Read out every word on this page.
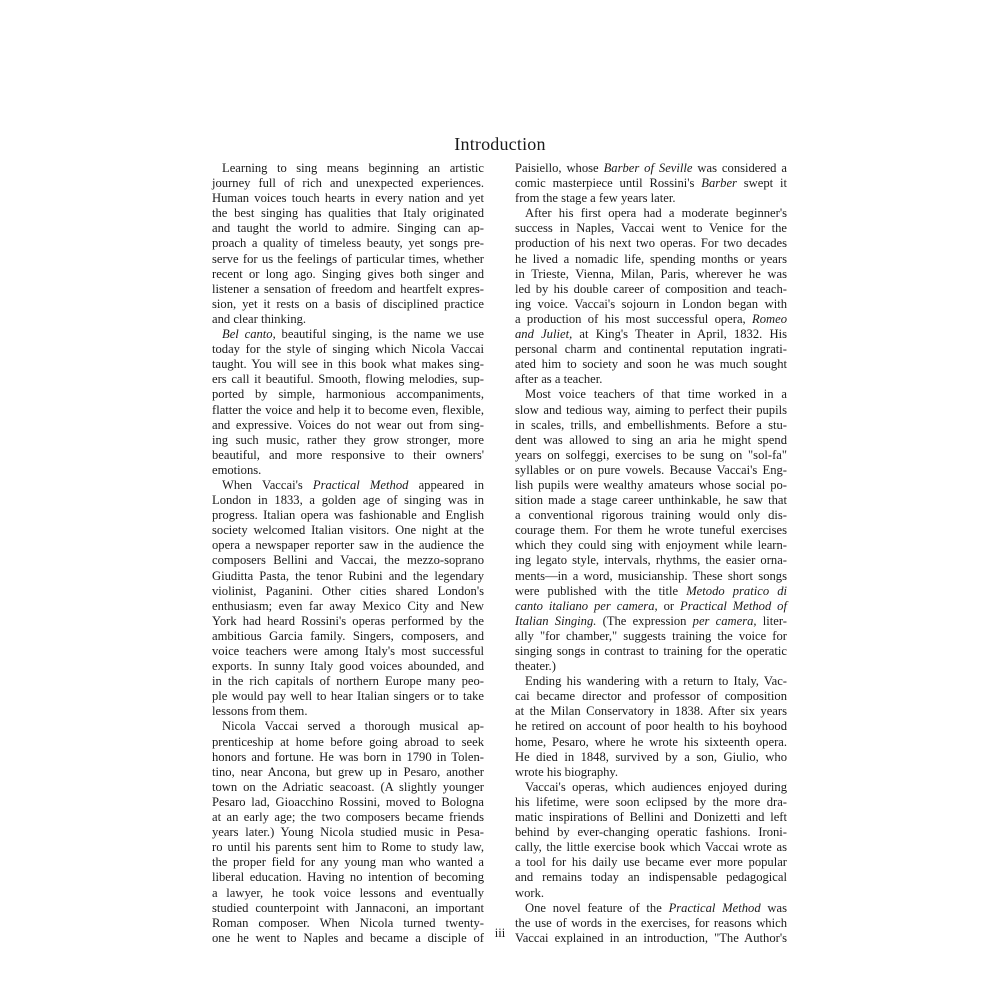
Introduction
Learning to sing means beginning an artistic
journey full of rich and unexpected experiences.
Human voices touch hearts in every nation and yet
the best singing has qualities that Italy originated
and taught the world to admire. Singing can ap-
proach a quality of timeless beauty, yet songs pre-
serve for us the feelings of particular times, whether
recent or long ago. Singing gives both singer and
listener a sensation of freedom and heartfelt expres-
sion, yet it rests on a basis of disciplined practice
and clear thinking.
Bel canto, beautiful singing, is the name we use
today for the style of singing which Nicola Vaccai
taught. You will see in this book what makes sing-
ers call it beautiful. Smooth, flowing melodies, sup-
ported by simple, harmonious accompaniments,
flatter the voice and help it to become even, flexible,
and expressive. Voices do not wear out from sing-
ing such music, rather they grow stronger, more
beautiful, and more responsive to their owners'
emotions.
When Vaccai's Practical Method appeared in
London in 1833, a golden age of singing was in
progress. Italian opera was fashionable and English
society welcomed Italian visitors. One night at the
opera a newspaper reporter saw in the audience the
composers Bellini and Vaccai, the mezzo-soprano
Giuditta Pasta, the tenor Rubini and the legendary
violinist, Paganini. Other cities shared London's
enthusiasm; even far away Mexico City and New
York had heard Rossini's operas performed by the
ambitious Garcia family. Singers, composers, and
voice teachers were among Italy's most successful
exports. In sunny Italy good voices abounded, and
in the rich capitals of northern Europe many peo-
ple would pay well to hear Italian singers or to take
lessons from them.
Nicola Vaccai served a thorough musical ap-
prenticeship at home before going abroad to seek
honors and fortune. He was born in 1790 in Tolen-
tino, near Ancona, but grew up in Pesaro, another
town on the Adriatic seacoast. (A slightly younger
Pesaro lad, Gioacchino Rossini, moved to Bologna
at an early age; the two composers became friends
years later.) Young Nicola studied music in Pesa-
ro until his parents sent him to Rome to study law,
the proper field for any young man who wanted a
liberal education. Having no intention of becoming
a lawyer, he took voice lessons and eventually
studied counterpoint with Jannaconi, an important
Roman composer. When Nicola turned twenty-
one he went to Naples and became a disciple of
Paisiello, whose Barber of Seville was considered a
comic masterpiece until Rossini's Barber swept it
from the stage a few years later.
After his first opera had a moderate beginner's
success in Naples, Vaccai went to Venice for the
production of his next two operas. For two decades
he lived a nomadic life, spending months or years
in Trieste, Vienna, Milan, Paris, wherever he was
led by his double career of composition and teach-
ing voice. Vaccai's sojourn in London began with
a production of his most successful opera, Romeo
and Juliet, at King's Theater in April, 1832. His
personal charm and continental reputation ingrati-
ated him to society and soon he was much sought
after as a teacher.
Most voice teachers of that time worked in a
slow and tedious way, aiming to perfect their pupils
in scales, trills, and embellishments. Before a stu-
dent was allowed to sing an aria he might spend
years on solfeggi, exercises to be sung on "sol-fa"
syllables or on pure vowels. Because Vaccai's Eng-
lish pupils were wealthy amateurs whose social po-
sition made a stage career unthinkable, he saw that
a conventional rigorous training would only dis-
courage them. For them he wrote tuneful exercises
which they could sing with enjoyment while learn-
ing legato style, intervals, rhythms, the easier orna-
ments—in a word, musicianship. These short songs
were published with the title Metodo pratico di
canto italiano per camera, or Practical Method of
Italian Singing. (The expression per camera, liter-
ally "for chamber," suggests training the voice for
singing songs in contrast to training for the operatic
theater.)
Ending his wandering with a return to Italy, Vac-
cai became director and professor of composition
at the Milan Conservatory in 1838. After six years
he retired on account of poor health to his boyhood
home, Pesaro, where he wrote his sixteenth opera.
He died in 1848, survived by a son, Giulio, who
wrote his biography.
Vaccai's operas, which audiences enjoyed during
his lifetime, were soon eclipsed by the more dra-
matic inspirations of Bellini and Donizetti and left
behind by ever-changing operatic fashions. Ironi-
cally, the little exercise book which Vaccai wrote as
a tool for his daily use became ever more popular
and remains today an indispensable pedagogical
work.
One novel feature of the Practical Method was
the use of words in the exercises, for reasons which
Vaccai explained in an introduction, "The Author's
iii
